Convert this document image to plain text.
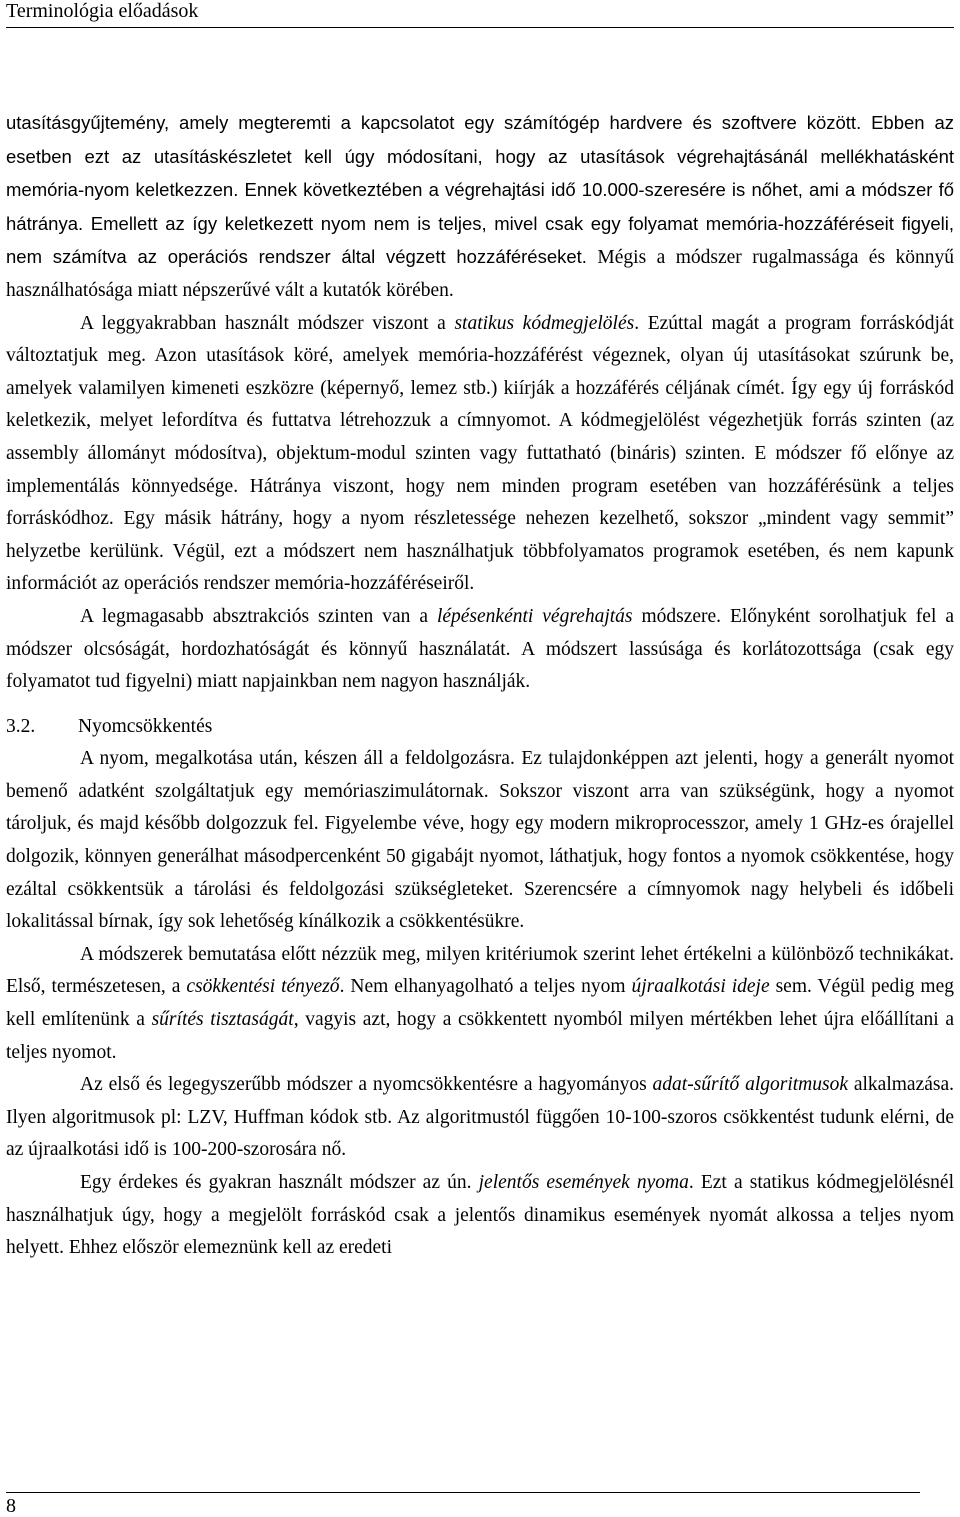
Terminológia előadások

utasításgyűjtemény, amely megteremti a kapcsolatot egy számítógép hardvere és szoftvere között. Ebben az esetben ezt az utasításkészletet kell úgy módosítani, hogy az utasítások végrehajtásánál mellékhatásként memória-nyom keletkezzen. Ennek következtében a végrehajtási idő 10.000-szeresére is nőhet, ami a módszer fő hátránya. Emellett az így keletkezett nyom nem is teljes, mivel csak egy folyamat memória-hozzáféréseit figyeli, nem számítva az operációs rendszer által végzett hozzáféréseket. Mégis a módszer rugalmassága és könnyű használhatósága miatt népszerűvé vált a kutatók körében.

A leggyakrabban használt módszer viszont a statikus kódmegjelölés. Ezúttal magát a program forráskódját változtatjuk meg. Azon utasítások köré, amelyek memória-hozzáférést végeznek, olyan új utasításokat szúrunk be, amelyek valamilyen kimeneti eszközre (képernyő, lemez stb.) kiírják a hozzáférés céljának címét. Így egy új forráskód keletkezik, melyet lefordítva és futtatva létrehozzuk a címnyomot. A kódmegjelölést végezhetjük forrás szinten (az assembly állományt módosítva), objektum-modul szinten vagy futtatható (bináris) szinten. E módszer fő előnye az implementálás könnyedsége. Hátránya viszont, hogy nem minden program esetében van hozzáférésünk a teljes forráskódhoz. Egy másik hátrány, hogy a nyom részletessége nehezen kezelhető, sokszor „mindent vagy semmit” helyzetbe kerülünk. Végül, ezt a módszert nem használhatjuk többfolyamatos programok esetében, és nem kapunk információt az operációs rendszer memória-hozzáféréseiről.

A legmagasabb absztrakciós szinten van a lépésenkénti végrehajtás módszere. Előnyként sorolhatjuk fel a módszer olcsóságát, hordozhatóságát és könnyű használatát. A módszert lassúsága és korlátozottsága (csak egy folyamatot tud figyelni) miatt napjainkban nem nagyon használják.

3.2. Nyomcsökkentés

A nyom, megalkotása után, készen áll a feldolgozásra. Ez tulajdonképpen azt jelenti, hogy a generált nyomot bemenő adatként szolgáltatjuk egy memóriaszimulátornak. Sokszor viszont arra van szükségünk, hogy a nyomot tároljuk, és majd később dolgozzuk fel. Figyelembe véve, hogy egy modern mikroprocesszor, amely 1 GHz-es órajellel dolgozik, könnyen generálhat másodpercenként 50 gigabájt nyomot, láthatjuk, hogy fontos a nyomok csökkentése, hogy ezáltal csökkentsük a tárolási és feldolgozási szükségleteket. Szerencsére a címnyomok nagy helybeli és időbeli lokalitással bírnak, így sok lehetőség kínálkozik a csökkentésükre.

A módszerek bemutatása előtt nézzük meg, milyen kritériumok szerint lehet értékelni a különböző technikákat. Első, természetesen, a csökkentési tényező. Nem elhanyagolható a teljes nyom újraalkotási ideje sem. Végül pedig meg kell említenünk a sűrítés tisztaságát, vagyis azt, hogy a csökkentett nyomból milyen mértékben lehet újra előállítani a teljes nyomot.

Az első és legegyszerűbb módszer a nyomcsökkentésre a hagyományos adat-sűrítő algoritmusok alkalmazása. Ilyen algoritmusok pl: LZV, Huffman kódok stb. Az algoritmustól függően 10-100-szoros csökkentést tudunk elérni, de az újraalkotási idő is 100-200-szorosára nő.

Egy érdekes és gyakran használt módszer az ún. jelentős események nyoma. Ezt a statikus kódmegjelölésnél használhatjuk úgy, hogy a megjelölt forráskód csak a jelentős dinamikus események nyomát alkossa a teljes nyom helyett. Ehhez először elemeznünk kell az eredeti

8
